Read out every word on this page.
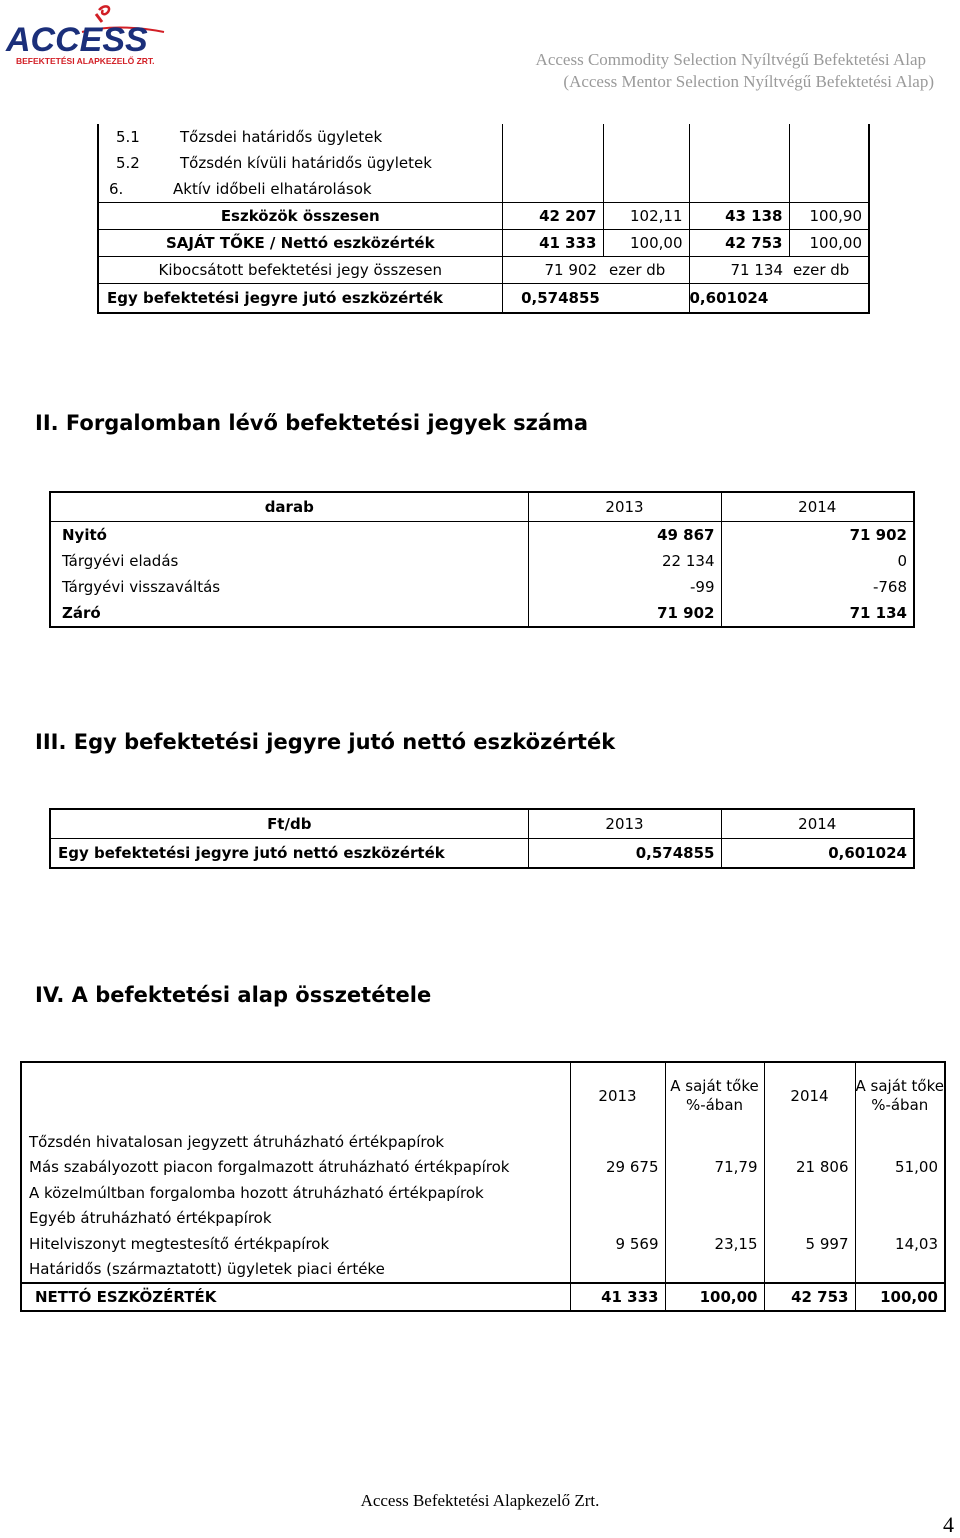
ACCESS
BEFEKTETÉSI ALAPKEZELŐ ZRT.	Access Commodity Selection Nyíltvégű Befektetési Alap
(Access Mentor Selection Nyíltvégű Befektetési Alap)
5.1 Tőzsdei határidős ügyletek				
5.2 Tőzsdén kívüli határidős ügyletek				
6. Aktív időbeli elhatárolások				
Eszközök összesen	42 207	102,11	43 138	100,90
SAJÁT TŐKE / Nettó eszközérték	41 333	100,00	42 753	100,00
Kibocsátott befektetési jegy összesen	71 902	ezer db	71 134	ezer db
Egy befektetési jegyre jutó eszközérték	0,574855		0,601024	
II. Forgalomban lévő befektetési jegyek száma
darab	2013	2014
Nyitó	49 867	71 902
Tárgyévi eladás	22 134	0
Tárgyévi visszaváltás	-99	-768
Záró	71 902	71 134
III. Egy befektetési jegyre jutó nettó eszközérték
Ft/db	2013	2014
Egy befektetési jegyre jutó nettó eszközérték	0,574855	0,601024
IV. A befektetési alap összetétele
	2013	A saját tőke %-ában	2014	A saját tőke %-ában
Tőzsdén hivatalosan jegyzett átruházható értékpapírok				
Más szabályozott piacon forgalmazott átruházható értékpapírok	29 675	71,79	21 806	51,00
A közelmúltban forgalomba hozott átruházható értékpapírok				
Egyéb átruházható értékpapírok				
Hitelviszonyt megtestesítő értékpapírok	9 569	23,15	5 997	14,03
Határidős (származtatott) ügyletek piaci értéke				
NETTÓ ESZKÖZÉRTÉK	41 333	100,00	42 753	100,00
Access Befektetési Alapkezelő Zrt.
4
